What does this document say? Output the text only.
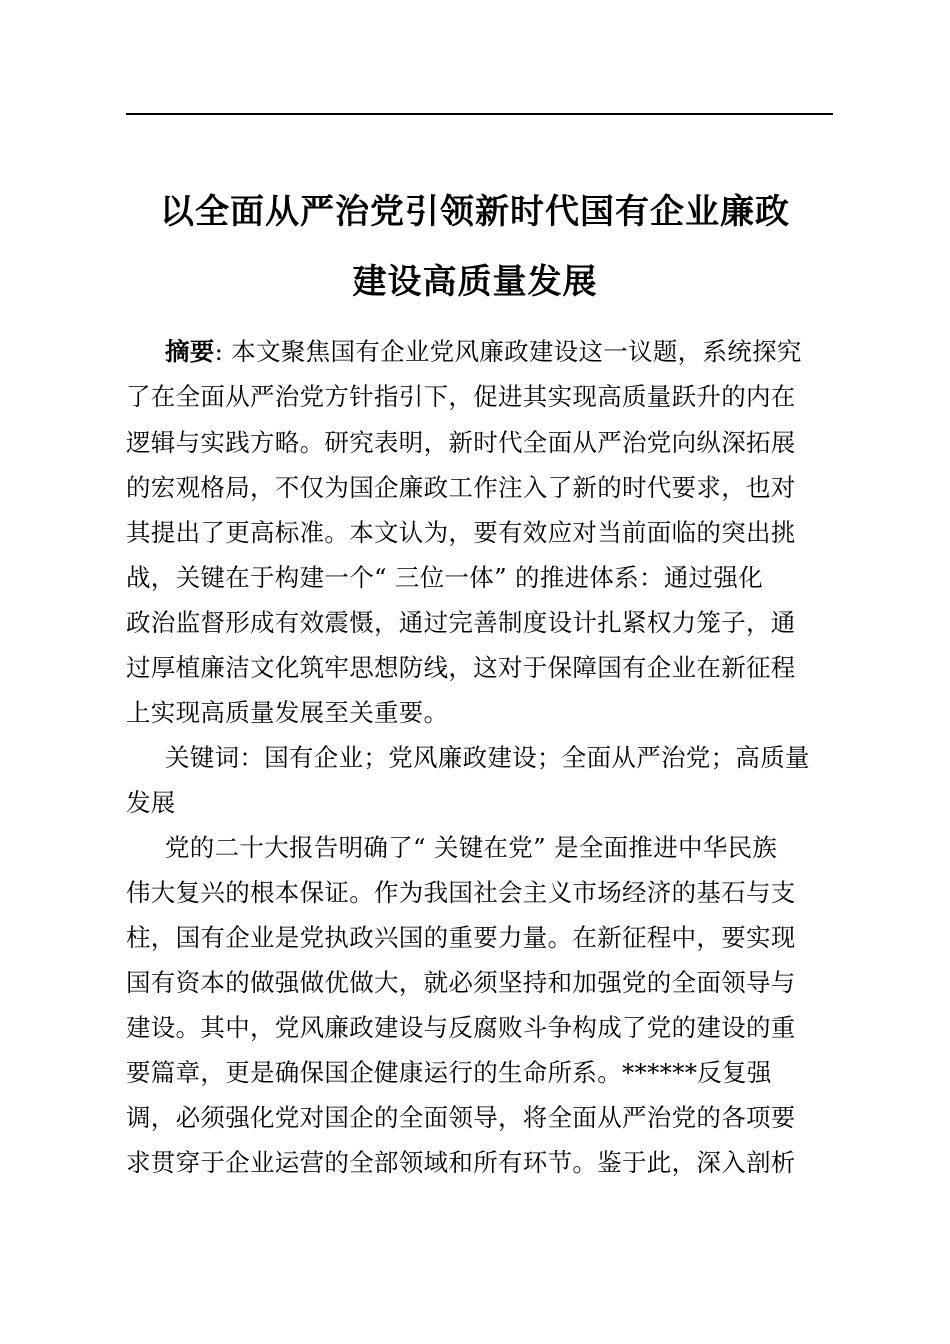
以全面从严治党引领新时代国有企业廉政
建设高质量发展
摘要: 本文聚焦国有企业党风廉政建设这一议题，系统探究
了在全面从严治党方针指引下，促进其实现高质量跃升的内在
逻辑与实践方略。研究表明，新时代全面从严治党向纵深拓展
的宏观格局，不仅为国企廉政工作注入了新的时代要求，也对
其提出了更高标准。本文认为，要有效应对当前面临的突出挑
战，关键在于构建一个“ 三位一体” 的推进体系：通过强化
政治监督形成有效震慑，通过完善制度设计扎紧权力笼子，通
过厚植廉洁文化筑牢思想防线，这对于保障国有企业在新征程
上实现高质量发展至关重要。
关键词：国有企业；党风廉政建设；全面从严治党；高质量
发展
党的二十大报告明确了“ 关键在党” 是全面推进中华民族
伟大复兴的根本保证。作为我国社会主义市场经济的基石与支
柱，国有企业是党执政兴国的重要力量。在新征程中，要实现
国有资本的做强做优做大，就必须坚持和加强党的全面领导与
建设。其中，党风廉政建设与反腐败斗争构成了党的建设的重
要篇章，更是确保国企健康运行的生命所系。******反复强
调，必须强化党对国企的全面领导，将全面从严治党的各项要
求贯穿于企业运营的全部领域和所有环节。鉴于此，深入剖析
